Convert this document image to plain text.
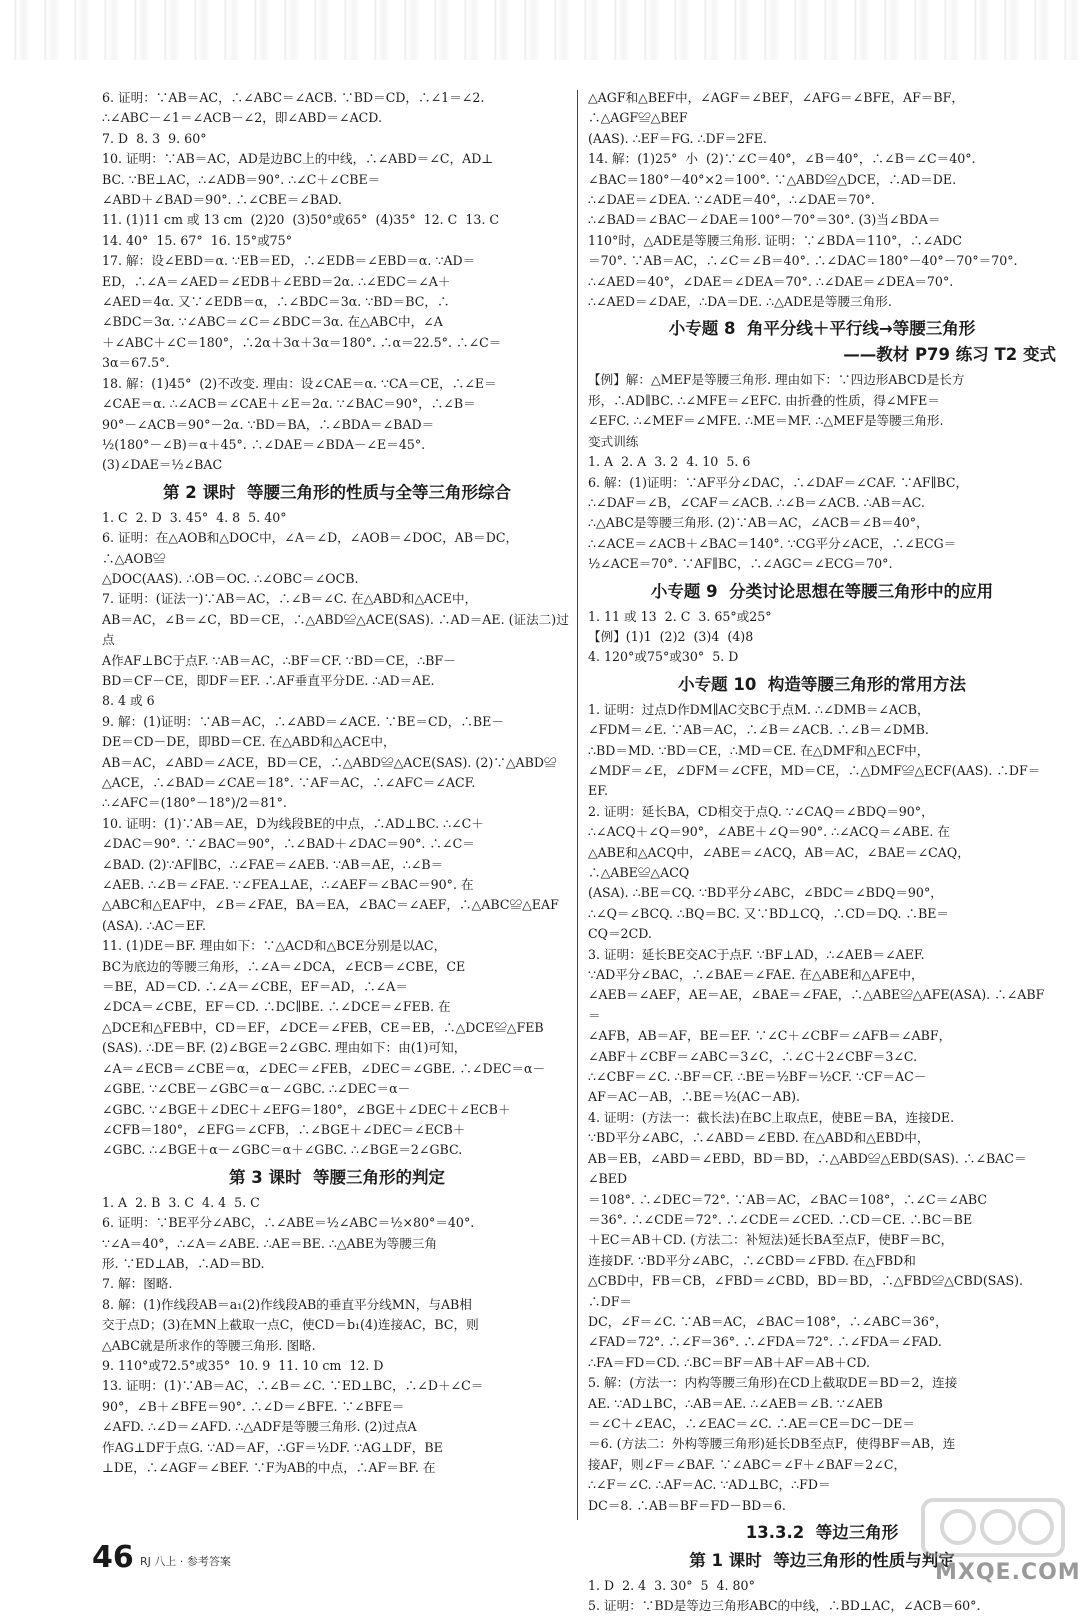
6. 证明：∵AB＝AC，∴∠ABC＝∠ACB. ∵BD＝CD，∴∠1＝∠2.

∴∠ABC－∠1＝∠ACB－∠2，即∠ABD＝∠ACD.

7. D  8. 3  9. 60°

10. 证明：∵AB＝AC，AD是边BC上的中线，∴∠ABD＝∠C，AD⊥

BC. ∵BE⊥AC，∴∠ADB＝90°. ∴∠C＋∠CBE＝

∠ABD＋∠BAD＝90°. ∴∠CBE＝∠BAD.

11. (1)11 cm 或 13 cm  (2)20  (3)50°或65°  (4)35°  12. C  13. C

14. 40°  15. 67°  16. 15°或75°

17. 解：设∠EBD＝α. ∵EB＝ED，∴∠EDB＝∠EBD＝α. ∵AD＝

ED，∴∠A＝∠AED＝∠EDB＋∠EBD＝2α. ∴∠EDC＝∠A＋

∠AED＝4α. 又∵∠EDB＝α，∴∠BDC＝3α. ∵BD＝BC，∴

∠BDC＝3α. ∵∠ABC＝∠C＝∠BDC＝3α. 在△ABC中，∠A

＋∠ABC＋∠C＝180°，∴2α＋3α＋3α＝180°. ∴α＝22.5°. ∴∠C＝

3α＝67.5°.

18. 解：(1)45°  (2)不改变. 理由：设∠CAE＝α. ∵CA＝CE，∴∠E＝

∠CAE＝α. ∴∠ACB＝∠CAE＋∠E＝2α. ∵∠BAC＝90°，∴∠B＝

90°－∠ACB＝90°－2α. ∵BD＝BA，∴∠BDA＝∠BAD＝

½(180°－∠B)＝α＋45°. ∴∠DAE＝∠BDA－∠E＝45°.

(3)∠DAE＝½∠BAC

第 2 课时  等腰三角形的性质与全等三角形综合

1. C  2. D  3. 45°  4. 8  5. 40°

6. 证明：在△AOB和△DOC中，∠A＝∠D，∠AOB＝∠DOC，AB＝DC，∴△AOB≌

△DOC(AAS). ∴OB＝OC. ∴∠OBC＝∠OCB.

7. 证明：(证法一)∵AB＝AC，∴∠B＝∠C. 在△ABD和△ACE中，

AB＝AC，∠B＝∠C，BD＝CE，∴△ABD≌△ACE(SAS). ∴AD＝AE. (证法二)过点

A作AF⊥BC于点F. ∵AB＝AC，∴BF＝CF. ∵BD＝CE，∴BF－

BD＝CF－CE，即DF＝EF. ∴AF垂直平分DE. ∴AD＝AE.

8. 4 或 6

9. 解：(1)证明：∵AB＝AC，∴∠ABD＝∠ACE. ∵BE＝CD，∴BE－

DE＝CD－DE，即BD＝CE. 在△ABD和△ACE中，

AB＝AC，∠ABD＝∠ACE，BD＝CE，∴△ABD≌△ACE(SAS). (2)∵△ABD≌

△ACE，∴∠BAD＝∠CAE＝18°. ∵AF＝AC，∴∠AFC＝∠ACF.

∴∠AFC＝(180°－18°)/2＝81°.

10. 证明：(1)∵AB＝AE，D为线段BE的中点，∴AD⊥BC. ∴∠C＋

∠DAC＝90°. ∵∠BAC＝90°，∴∠BAD＋∠DAC＝90°. ∴∠C＝

∠BAD. (2)∵AF∥BC，∴∠FAE＝∠AEB. ∵AB＝AE，∴∠B＝

∠AEB. ∴∠B＝∠FAE. ∵∠FEA⊥AE，∴∠AEF＝∠BAC＝90°. 在

△ABC和△EAF中，∠B＝∠FAE，BA＝EA，∠BAC＝∠AEF，∴△ABC≌△EAF

(ASA). ∴AC＝EF.

11. (1)DE＝BF. 理由如下：∵△ACD和△BCE分别是以AC，

BC为底边的等腰三角形，∴∠A＝∠DCA，∠ECB＝∠CBE，CE

＝BE，AD＝CD. ∴∠A＝∠CBE，EF＝AD，∴∠A＝

∠DCA＝∠CBE，EF＝CD. ∴DC∥BE. ∴∠DCE＝∠FEB. 在

△DCE和△FEB中，CD＝EF，∠DCE＝∠FEB，CE＝EB，∴△DCE≌△FEB

(SAS). ∴DE＝BF. (2)∠BGE＝2∠GBC. 理由如下：由(1)可知，

∠A＝∠ECB＝∠CBE＝α，∠DEC＝∠FEB，∠DEC＝∠GBE. ∴∠DEC＝α－

∠GBE. ∵∠CBE－∠GBC＝α－∠GBC. ∴∠DEC＝α－

∠GBC. ∵∠BGE＋∠DEC＋∠EFG＝180°，∠BGE＋∠DEC＋∠ECB＋

∠CFB＝180°，∠EFG＝∠CFB，∴∠BGE＋∠DEC＝∠ECB＋

∠GBC. ∴∠BGE＋α－∠GBC＝α＋∠GBC. ∴∠BGE＝2∠GBC.

第 3 课时  等腰三角形的判定

1. A  2. B  3. C  4. 4  5. C

6. 证明：∵BE平分∠ABC，∴∠ABE＝½∠ABC＝½×80°＝40°.

∵∠A＝40°，∴∠A＝∠ABE. ∴AE＝BE. ∴△ABE为等腰三角

形. ∵ED⊥AB，∴AD＝BD.

7. 解：图略.

8. 解：(1)作线段AB＝a₁(2)作线段AB的垂直平分线MN，与AB相

交于点D；(3)在MN上截取一点C，使CD＝b₁(4)连接AC，BC，则

△ABC就是所求作的等腰三角形. 图略.

9. 110°或72.5°或35°  10. 9  11. 10 cm  12. D

13. 证明：(1)∵AB＝AC，∴∠B＝∠C. ∵ED⊥BC，∴∠D＋∠C＝

90°，∠B＋∠BFE＝90°. ∴∠D＝∠BFE. ∵∠BFE＝

∠AFD. ∴∠D＝∠AFD. ∴△ADF是等腰三角形. (2)过点A

作AG⊥DF于点G. ∵AD＝AF，∴GF＝½DF. ∵AG⊥DF，BE

⊥DE，∴∠AGF＝∠BEF. ∵F为AB的中点，∴AF＝BF. 在

△AGF和△BEF中，∠AGF＝∠BEF，∠AFG＝∠BFE，AF＝BF，∴△AGF≌△BEF

(AAS). ∴EF＝FG. ∴DF＝2FE.

14. 解：(1)25°  小  (2)∵∠C＝40°，∠B＝40°，∴∠B＝∠C＝40°.

∠BAC＝180°－40°×2＝100°. ∵△ABD≌△DCE，∴AD＝DE.

∴∠DAE＝∠DEA. ∵∠ADE＝40°，∴∠DAE＝70°.

∴∠BAD＝∠BAC－∠DAE＝100°－70°＝30°. (3)当∠BDA＝

110°时，△ADE是等腰三角形. 证明：∵∠BDA＝110°，∴∠ADC

＝70°. ∵AB＝AC，∴∠C＝∠B＝40°. ∴∠DAC＝180°－40°－70°＝70°.

∴∠AED＝40°，∠DAE＝∠DEA＝70°. ∴∠DAE＝∠DEA＝70°.

∴∠AED＝∠DAE，∴DA＝DE. ∴△ADE是等腰三角形.

小专题 8  角平分线＋平行线→等腰三角形

——教材 P79 练习 T2 变式

【例】解：△MEF是等腰三角形. 理由如下：∵四边形ABCD是长方

形，∴AD∥BC. ∴∠MFE＝∠EFC. 由折叠的性质，得∠MFE＝

∠EFC. ∴∠MEF＝∠MFE. ∴ME＝MF. ∴△MEF是等腰三角形.

变式训练

1. A  2. A  3. 2  4. 10  5. 6

6. 解：(1)证明：∵AF平分∠DAC，∴∠DAF＝∠CAF. ∵AF∥BC，

∴∠DAF＝∠B，∠CAF＝∠ACB. ∴∠B＝∠ACB. ∴AB＝AC.

∴△ABC是等腰三角形. (2)∵AB＝AC，∠ACB＝∠B＝40°，

∴∠ACE＝∠ACB＋∠BAC＝140°. ∵CG平分∠ACE，∴∠ECG＝

½∠ACE＝70°. ∵AF∥BC，∴∠AGC＝∠ECG＝70°.

小专题 9  分类讨论思想在等腰三角形中的应用

1. 11 或 13  2. C  3. 65°或25°

【例】(1)1  (2)2  (3)4  (4)8

4. 120°或75°或30°  5. D

小专题 10  构造等腰三角形的常用方法

1. 证明：过点D作DM∥AC交BC于点M. ∴∠DMB＝∠ACB，

∠FDM＝∠E. ∵AB＝AC，∴∠B＝∠ACB. ∴∠B＝∠DMB.

∴BD＝MD. ∵BD＝CE，∴MD＝CE. 在△DMF和△ECF中，

∠MDF＝∠E，∠DFM＝∠CFE，MD＝CE，∴△DMF≌△ECF(AAS). ∴DF＝EF.

2. 证明：延长BA，CD相交于点Q. ∵∠CAQ＝∠BDQ＝90°，

∴∠ACQ＋∠Q＝90°，∠ABE＋∠Q＝90°. ∴∠ACQ＝∠ABE. 在

△ABE和△ACQ中，∠ABE＝∠ACQ，AB＝AC，∠BAE＝∠CAQ，∴△ABE≌△ACQ

(ASA). ∴BE＝CQ. ∵BD平分∠ABC，∠BDC＝∠BDQ＝90°，

∴∠Q＝∠BCQ. ∴BQ＝BC. 又∵BD⊥CQ，∴CD＝DQ. ∴BE＝

CQ＝2CD.

3. 证明：延长BE交AC于点F. ∵BF⊥AD，∴∠AEB＝∠AEF.

∵AD平分∠BAC，∴∠BAE＝∠FAE. 在△ABE和△AFE中，

∠AEB＝∠AEF，AE＝AE，∠BAE＝∠FAE，∴△ABE≌△AFE(ASA). ∴∠ABF＝

∠AFB，AB＝AF，BE＝EF. ∵∠C＋∠CBF＝∠AFB＝∠ABF，

∠ABF＋∠CBF＝∠ABC＝3∠C，∴∠C＋2∠CBF＝3∠C.

∴∠CBF＝∠C. ∴BF＝CF. ∴BE＝½BF＝½CF. ∵CF＝AC－

AF＝AC－AB，∴BE＝½(AC－AB).

4. 证明：(方法一：截长法)在BC上取点E，使BE＝BA，连接DE.

∵BD平分∠ABC，∴∠ABD＝∠EBD. 在△ABD和△EBD中，

AB＝EB，∠ABD＝∠EBD，BD＝BD，∴△ABD≌△EBD(SAS). ∴∠BAC＝∠BED

＝108°. ∴∠DEC＝72°. ∵AB＝AC，∠BAC＝108°，∴∠C＝∠ABC

＝36°. ∴∠CDE＝72°. ∴∠CDE＝∠CED. ∴CD＝CE. ∴BC＝BE

＋EC＝AB＋CD. (方法二：补短法)延长BA至点F，使BF＝BC，

连接DF. ∵BD平分∠ABC，∴∠CBD＝∠FBD. 在△FBD和

△CBD中，FB＝CB，∠FBD＝∠CBD，BD＝BD，∴△FBD≌△CBD(SAS). ∴DF＝

DC，∠F＝∠C. ∵AB＝AC，∠BAC＝108°，∴∠ABC＝36°，

∠FAD＝72°. ∴∠F＝36°. ∴∠FDA＝72°. ∴∠FDA＝∠FAD.

∴FA＝FD＝CD. ∴BC＝BF＝AB＋AF＝AB＋CD.

5. 解：(方法一：内构等腰三角形)在CD上截取DE＝BD＝2，连接

AE. ∵AD⊥BC，∴AB＝AE. ∴∠AEB＝∠B. ∵∠AEB

＝∠C＋∠EAC，∴∠EAC＝∠C. ∴AE＝CE＝DC－DE＝

＝6. (方法二：外构等腰三角形)延长DB至点F，使得BF＝AB，连

接AF，则∠F＝∠BAF. ∵∠ABC＝∠F＋∠BAF＝2∠C，

∴∠F＝∠C. ∴AF＝AC. ∵AD⊥BC，∴FD＝

DC＝8. ∴AB＝BF＝FD－BD＝6.

13.3.2  等边三角形

第 1 课时  等边三角形的性质与判定

1. D  2. 4  3. 30°  5  4. 80°

5. 证明：∵BD是等边三角形ABC的中线，∴BD⊥AC，∠ACB＝60°.

46 RJ 八上 · 参考答案	MXQE.COM
